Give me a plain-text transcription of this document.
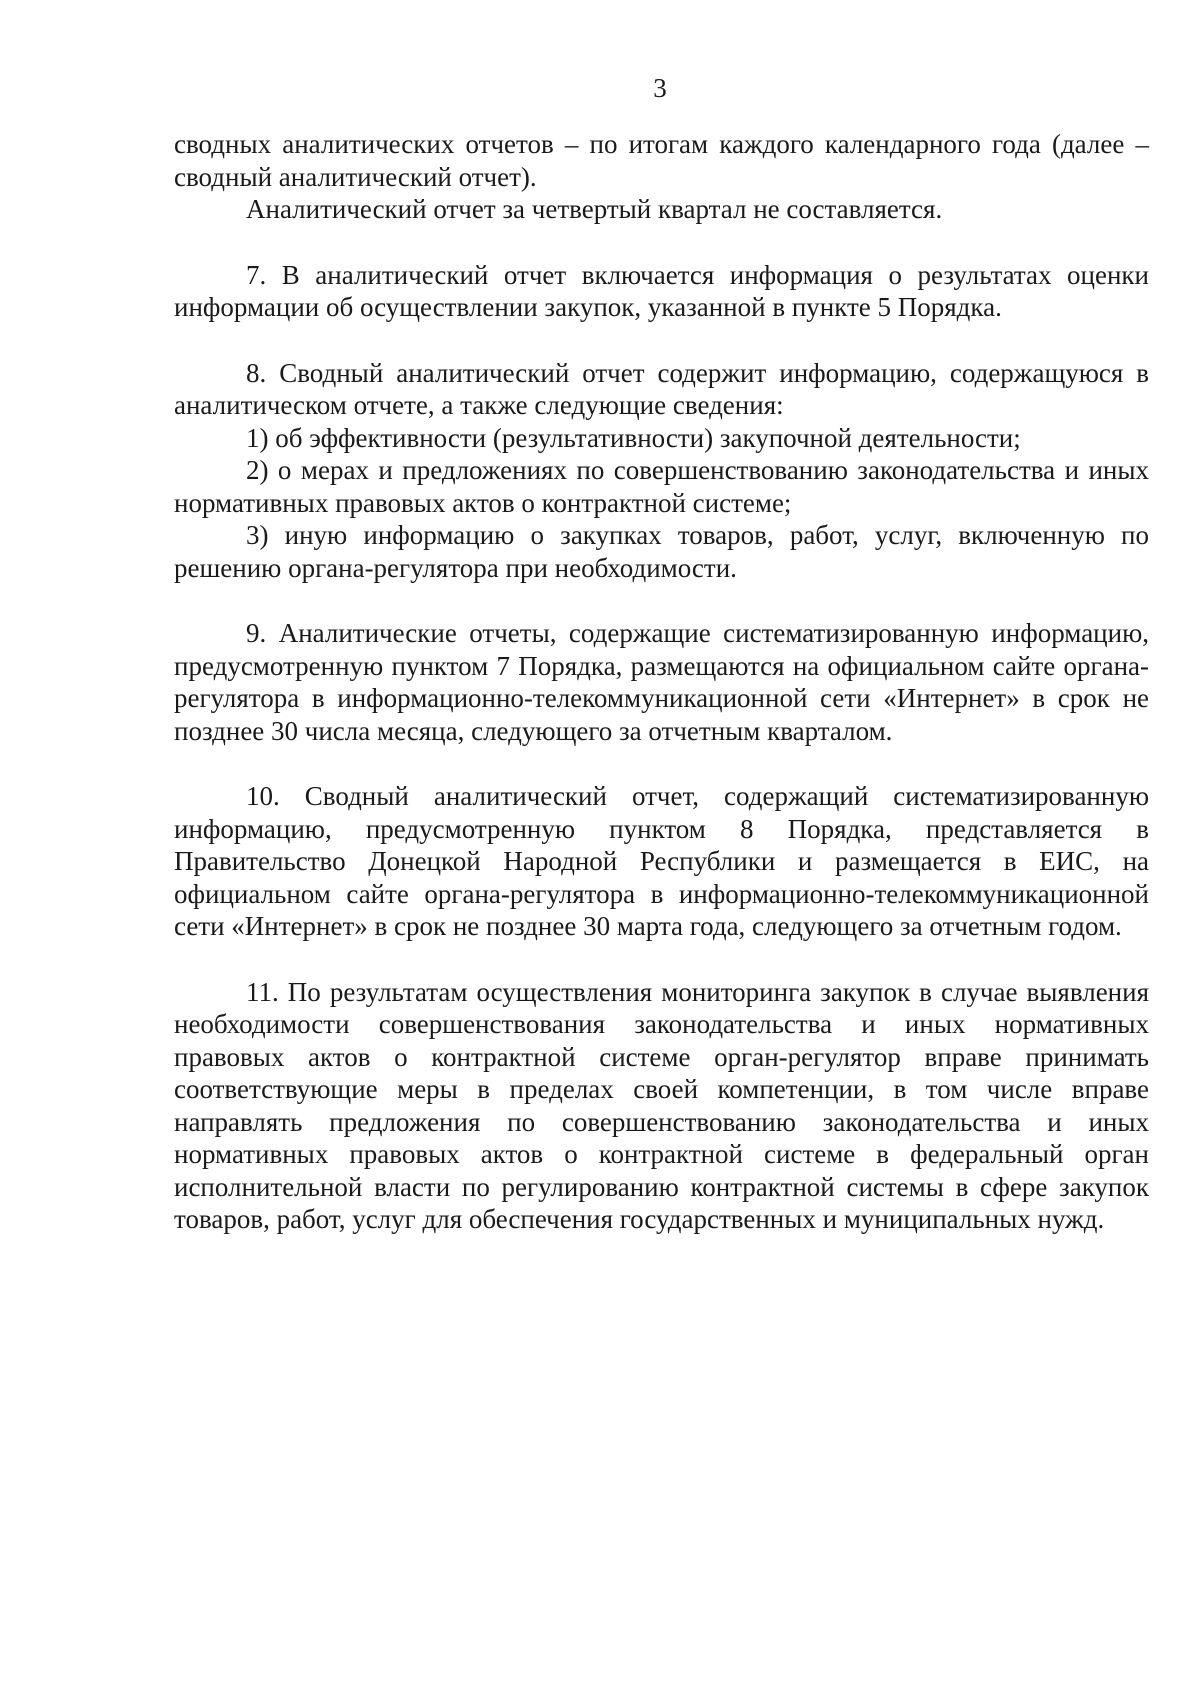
3

сводных аналитических отчетов – по итогам каждого календарного года (далее – сводный аналитический отчет).

Аналитический отчет за четвертый квартал не составляется.

7. В аналитический отчет включается информация о результатах оценки информации об осуществлении закупок, указанной в пункте 5 Порядка.

8. Сводный аналитический отчет содержит информацию, содержащуюся в аналитическом отчете, а также следующие сведения:

1) об эффективности (результативности) закупочной деятельности;

2) о мерах и предложениях по совершенствованию законодательства и иных нормативных правовых актов о контрактной системе;

3) иную информацию о закупках товаров, работ, услуг, включенную по решению органа-регулятора при необходимости.

9. Аналитические отчеты, содержащие систематизированную информацию, предусмотренную пунктом 7 Порядка, размещаются на официальном сайте органа-регулятора в информационно-телекоммуникационной сети «Интернет» в срок не позднее 30 числа месяца, следующего за отчетным кварталом.

10. Сводный аналитический отчет, содержащий систематизированную информацию, предусмотренную пунктом 8 Порядка, представляется в Правительство Донецкой Народной Республики и размещается в ЕИС, на официальном сайте органа-регулятора в информационно-телекоммуникационной сети «Интернет» в срок не позднее 30 марта года, следующего за отчетным годом.

11. По результатам осуществления мониторинга закупок в случае выявления необходимости совершенствования законодательства и иных нормативных правовых актов о контрактной системе орган-регулятор вправе принимать соответствующие меры в пределах своей компетенции, в том числе вправе направлять предложения по совершенствованию законодательства и иных нормативных правовых актов о контрактной системе в федеральный орган исполнительной власти по регулированию контрактной системы в сфере закупок товаров, работ, услуг для обеспечения государственных и муниципальных нужд.
